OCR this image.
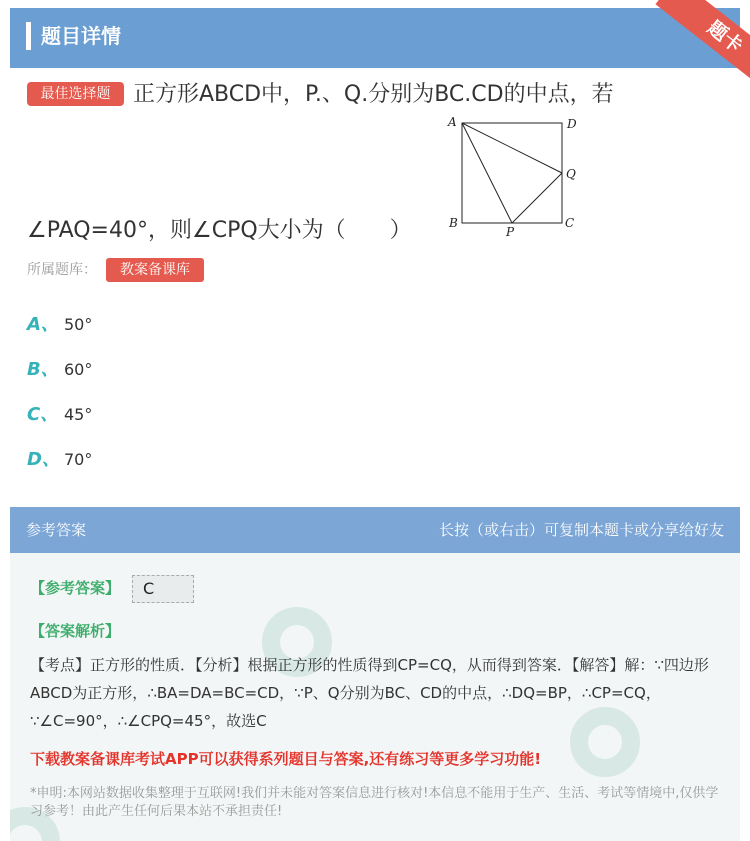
题目详情	题卡
最佳选择题	正方形ABCD中，P.、Q.分别为BC.CD的中点，若
∠PAQ=40°，则∠CPQ大小为（　　）
A	D
Q
B	C
P
所属题库：	教案备课库
A、 50°
B、 60°
C、 45°
D、 70°
参考答案	长按（或右击）可复制本题卡或分享给好友
【参考答案】	C
【答案解析】
【考点】正方形的性质．【分析】根据正方形的性质得到CP=CQ，从而得到答案．【解答】解：∵四边形ABCD为正方形，∴BA=DA=BC=CD，∵P、Q分别为BC、CD的中点，∴DQ=BP，∴CP=CQ，∵∠C=90°，∴∠CPQ=45°，故选C
下载教案备课库考试APP可以获得系列题目与答案,还有练习等更多学习功能!
*申明:本网站数据收集整理于互联网!我们并未能对答案信息进行核对!本信息不能用于生产、生活、考试等情境中,仅供学习参考！由此产生任何后果本站不承担责任!
